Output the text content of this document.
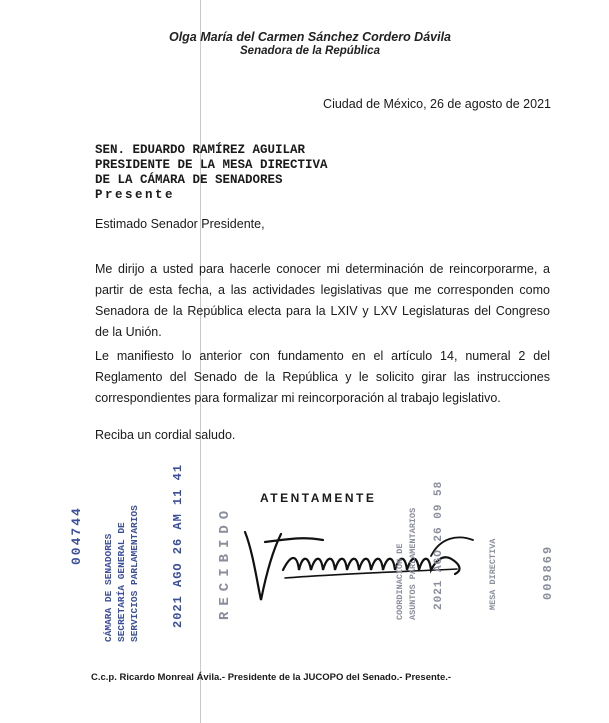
Olga María del Carmen Sánchez Cordero Dávila
Senadora de la República
Ciudad de México, 26 de agosto de 2021
SEN. EDUARDO RAMÍREZ AGUILAR
PRESIDENTE DE LA MESA DIRECTIVA
DE LA CÁMARA DE SENADORES
Presente
Estimado Senador Presidente,
Me dirijo a usted para hacerle conocer mi determinación de reincorporarme, a partir de esta fecha, a las actividades legislativas que me corresponden como Senadora de la República electa para la LXIV y LXV Legislaturas del Congreso de la Unión.
Le manifiesto lo anterior con fundamento en el artículo 14, numeral 2 del Reglamento del Senado de la República y le solicito girar las instrucciones correspondientes para formalizar mi reincorporación al trabajo legislativo.
Reciba un cordial saludo.
ATENTAMENTE
004744 CÁMARA DE SENADORES SECRETARÍA GENERAL DE SERVICIOS PARLAMENTARIOS	2021 AGO 26 AM 11 41 RECIBIDO	COORDINACIÓN DE ASUNTOS PARLAMENTARIOS 2021 AGO 26 09 58	MESA DIRECTIVA	009869
C.c.p. Ricardo Monreal Ávila.- Presidente de la JUCOPO del Senado.- Presente.-
